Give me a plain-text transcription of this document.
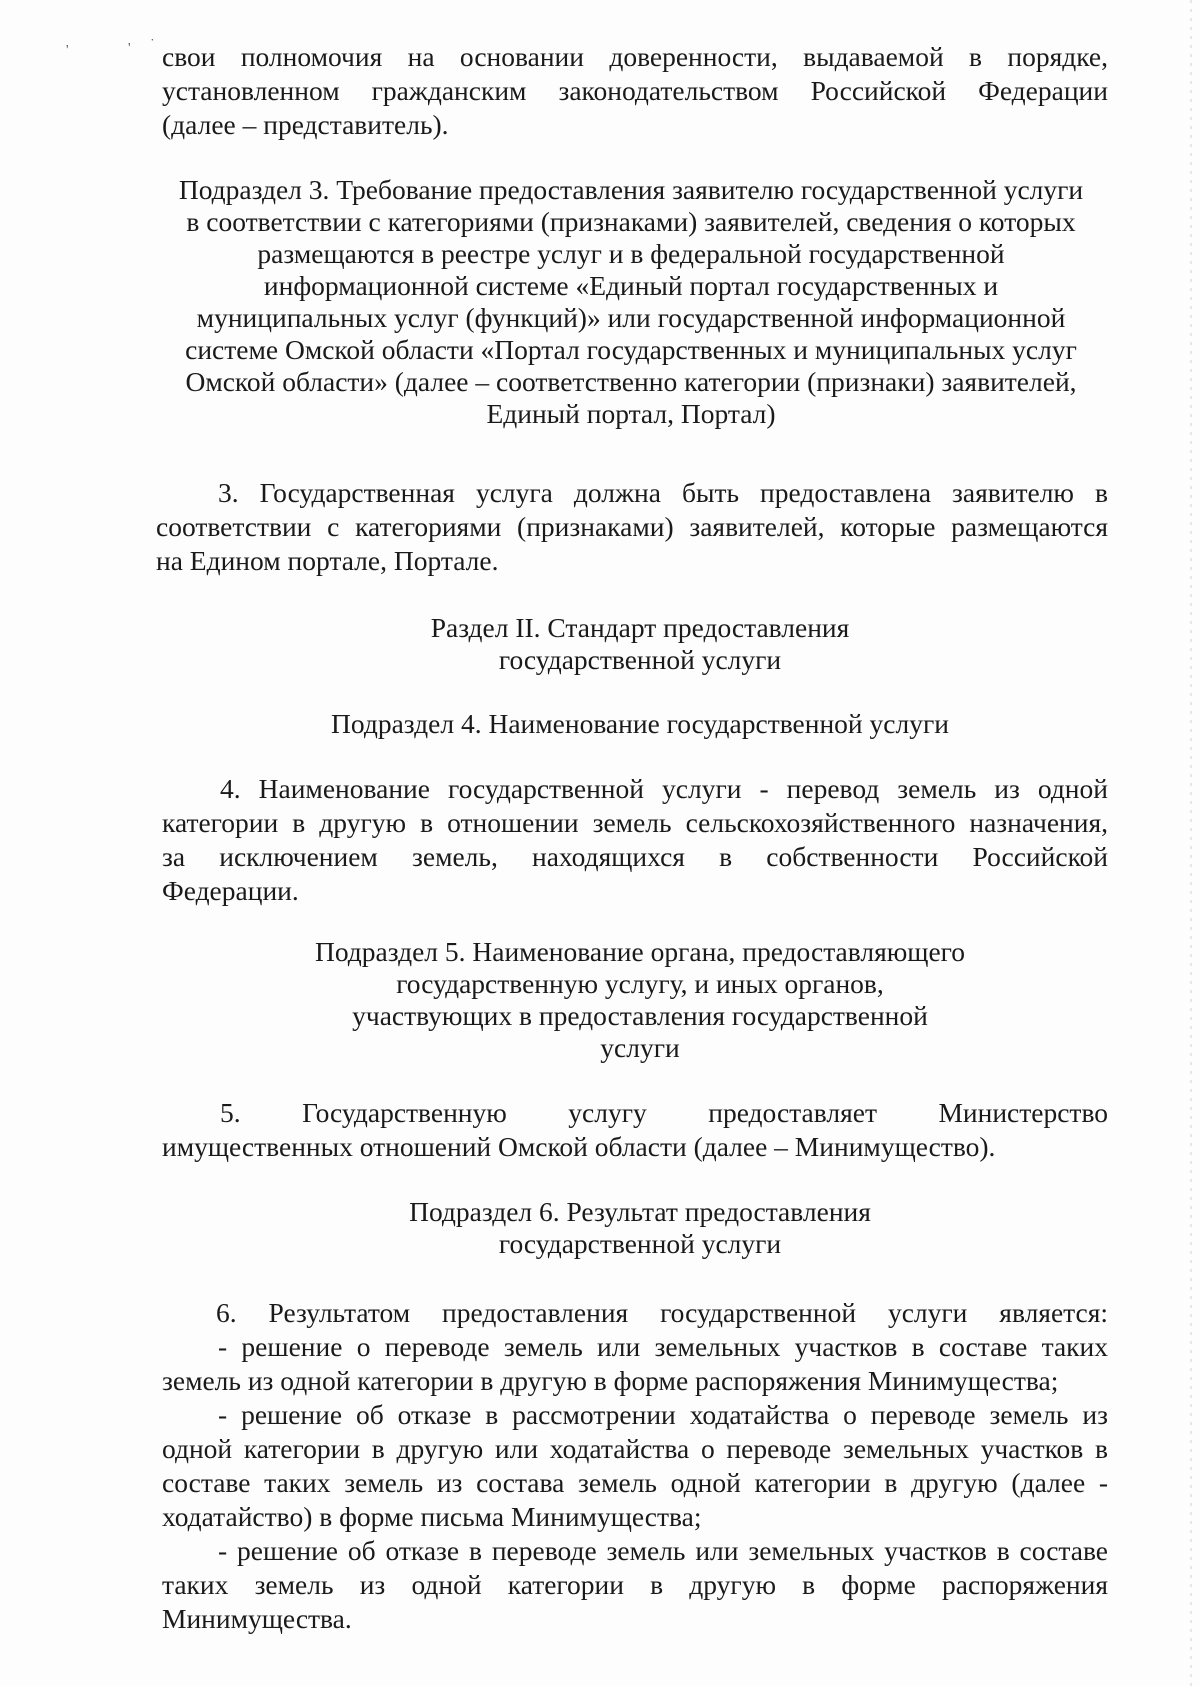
'	' ˙ свои полномочия на основании доверенности, выдаваемой в порядке,
установленном гражданским законодательством Российской Федерации
(далее – представитель).

Подраздел 3. Требование предоставления заявителю государственной услуги
в соответствии с категориями (признаками) заявителей, сведения о которых
размещаются в реестре услуг и в федеральной государственной
информационной системе «Единый портал государственных и
муниципальных услуг (функций)» или государственной информационной
системе Омской области «Портал государственных и муниципальных услуг
Омской области» (далее – соответственно категории (признаки) заявителей,
Единый портал, Портал)

3. Государственная услуга должна быть предоставлена заявителю в
соответствии с категориями (признаками) заявителей, которые размещаются
на Едином портале, Портале.

Раздел II. Стандарт предоставления
государственной услуги
Подраздел 4. Наименование государственной услуги

4. Наименование государственной услуги - перевод земель из одной
категории в другую в отношении земель сельскохозяйственного назначения,
за исключением земель, находящихся в собственности Российской
Федерации.

Подраздел 5. Наименование органа, предоставляющего
государственную услугу, и иных органов,
участвующих в предоставления государственной
услуги

5. Государственную услугу предоставляет Министерство
имущественных отношений Омской области (далее – Минимущество).

Подраздел 6. Результат предоставления
государственной услуги
6. Результатом предоставления государственной услуги является:
- решение о переводе земель или земельных участков в составе таких
земель из одной категории в другую в форме распоряжения Минимущества;
- решение об отказе в рассмотрении ходатайства о переводе земель из
одной категории в другую или ходатайства о переводе земельных участков в
составе таких земель из состава земель одной категории в другую (далее -
ходатайство) в форме письма Минимущества;
- решение об отказе в переводе земель или земельных участков в составе
таких земель из одной категории в другую в форме распоряжения
Минимущества.
